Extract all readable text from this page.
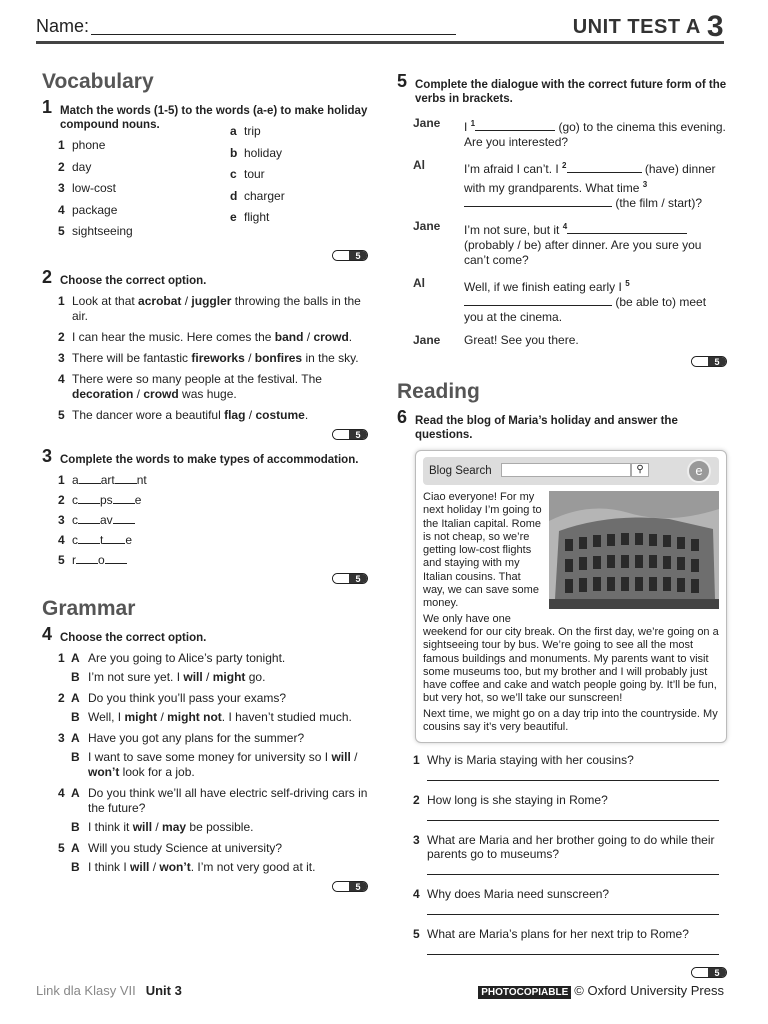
Name:	UNIT TEST A 3
Vocabulary
1 Match the words (1-5) to the words (a-e) to make holiday compound nouns.
1 phone
2 day
3 low-cost
4 package
5 sightseeing
a trip
b holiday
c tour
d charger
e flight
5
2 Choose the correct option.
1 Look at that acrobat / juggler throwing the balls in the air.
2 I can hear the music. Here comes the band / crowd.
3 There will be fantastic fireworks / bonfires in the sky.
4 There were so many people at the festival. The decoration / crowd was huge.
5 The dancer wore a beautiful flag / costume.
5
3 Complete the words to make types of accommodation.
1 a art nt
2 c ps e
3 c av
4 c t e
5 r o
5
Grammar
4 Choose the correct option.
1 A Are you going to Alice’s party tonight.
B I’m not sure yet. I will / might go.
2 A Do you think you’ll pass your exams?
B Well, I might / might not. I haven’t studied much.
3 A Have you got any plans for the summer?
B I want to save some money for university so I will / won’t look for a job.
4 A Do you think we’ll all have electric self-driving cars in the future?
B I think it will / may be possible.
5 A Will you study Science at university?
B I think I will / won’t. I’m not very good at it.
5
5 Complete the dialogue with the correct future form of the verbs in brackets.
Jane I $^1$	(go) to the cinema this evening. Are you interested?
Al	I’m afraid I can’t. I $^2$	(have) dinner with my grandparents. What time $^3$ (the film / start)?
Jane I’m not sure, but it $^4$ (probably / be) after dinner. Are you sure you can’t come?
Al	Well, if we finish eating early I $^5$ (be able to) meet you at the cinema.
Jane Great! See you there.
5
Reading
6 Read the blog of Maria’s holiday and answer the questions.
Blog Search	⚲	e

Ciao everyone! For my next holiday I’m going to the Italian capital. Rome is not cheap, so we’re getting low-cost flights and staying with my Italian cousins. That way, we can save some money.

We only have one weekend for our city break. On the first day, we’re going on a sightseeing tour by bus. We’re going to see all the most famous buildings and monuments. My parents want to visit some museums too, but my brother and I will probably just have coffee and cake and watch people going by. It’ll be fun, but very hot, so we’ll take our sunscreen!

Next time, we might go on a day trip into the countryside. My cousins say it’s very beautiful.

1 Why is Maria staying with her cousins?
2 How long is she staying in Rome?
3 What are Maria and her brother going to do while their parents go to museums?
4 Why does Maria need sunscreen?
5 What are Maria’s plans for her next trip to Rome?
5
Link dla Klasy VII Unit 3	PHOTOCOPIABLE © Oxford University Press
